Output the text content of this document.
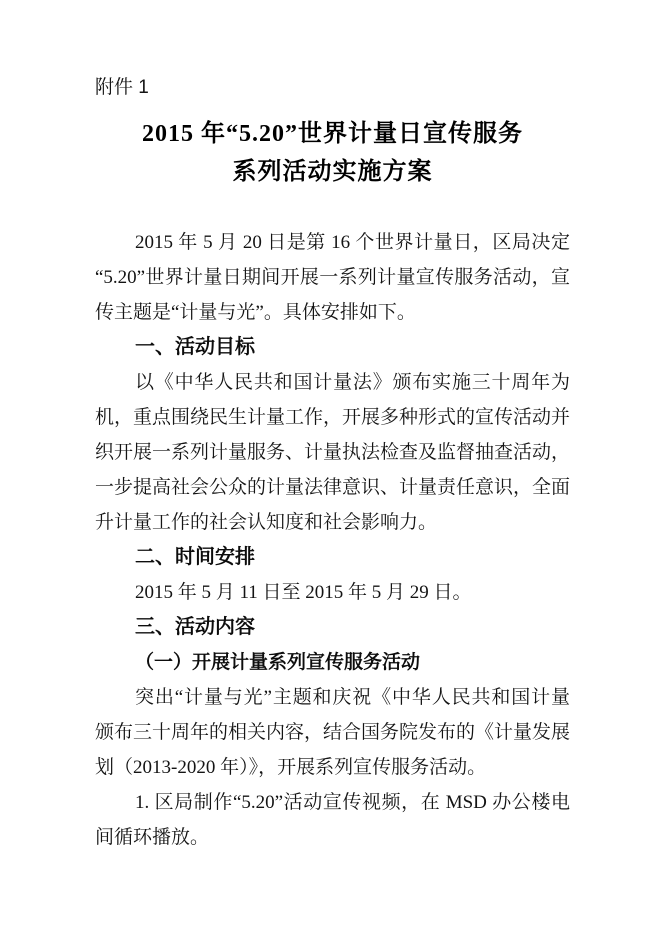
附件 1
2015 年“5.20”世界计量日宣传服务
系列活动实施方案
2015 年 5 月 20 日是第 16 个世界计量日，区局决定
“5.20”世界计量日期间开展一系列计量宣传服务活动，宣
传主题是“计量与光”。具体安排如下。
一、活动目标
以《中华人民共和国计量法》颁布实施三十周年为
机，重点围绕民生计量工作，开展多种形式的宣传活动并
织开展一系列计量服务、计量执法检查及监督抽查活动，
一步提高社会公众的计量法律意识、计量责任意识，全面
升计量工作的社会认知度和社会影响力。
二、时间安排
2015 年 5 月 11 日至 2015 年 5 月 29 日。
三、活动内容
（一）开展计量系列宣传服务活动
突出“计量与光”主题和庆祝《中华人民共和国计量
颁布三十周年的相关内容，结合国务院发布的《计量发展
划（2013-2020 年）》，开展系列宣传服务活动。
1. 区局制作“5.20”活动宣传视频，在 MSD 办公楼电
间循环播放。
